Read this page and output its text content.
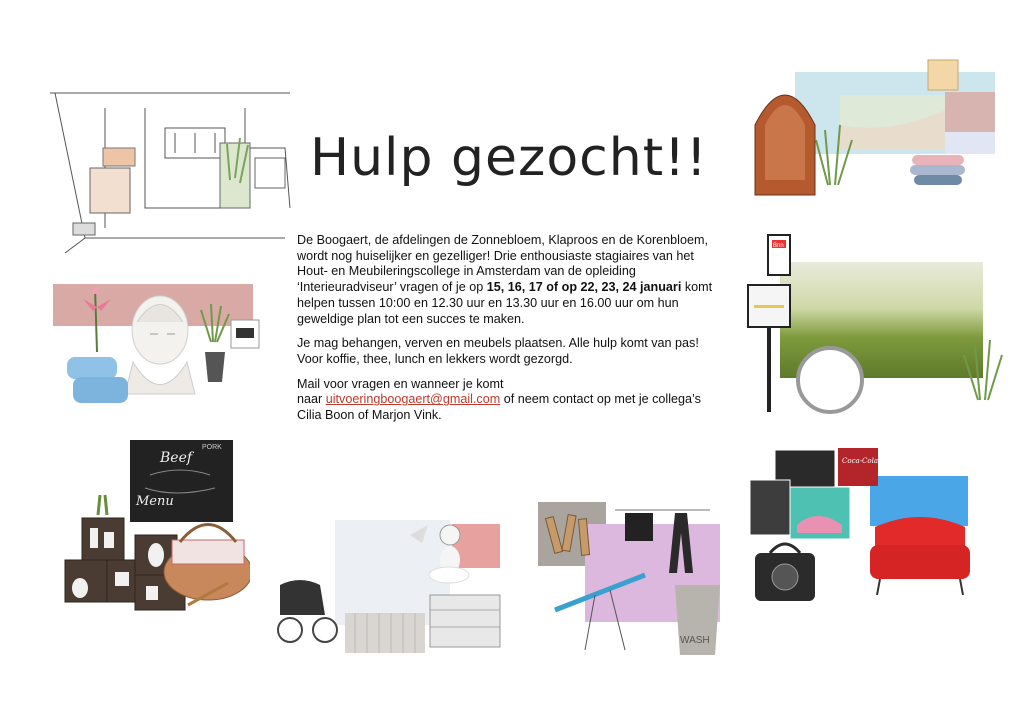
Hulp gezocht!!

De Boogaert, de afdelingen de Zonnebloem, Klaproos en de Korenbloem, wordt nog huiselijker en gezelliger! Drie enthousiaste stagiaires van het Hout- en Meubileringscollege in Amsterdam van de opleiding ‘Interieuradviseur’ vragen of je op 15, 16, 17 of op 22, 23, 24 januari komt helpen tussen 10:00 en 12.30 uur en 13.30 uur en 16.00 uur om hun geweldige plan tot een succes te maken.

Je mag behangen, verven en meubels plaatsen. Alle hulp komt van pas! Voor koffie, thee, lunch en lekkers wordt gezorgd.

Mail voor vragen en wanneer je komt
naar uitvoeringboogaert@gmail.com of neem contact op met je collega’s Cilia Boon of Marjon Vink.

Beef
PORK
Menu
WASH
Bnn
Coca-Cola
